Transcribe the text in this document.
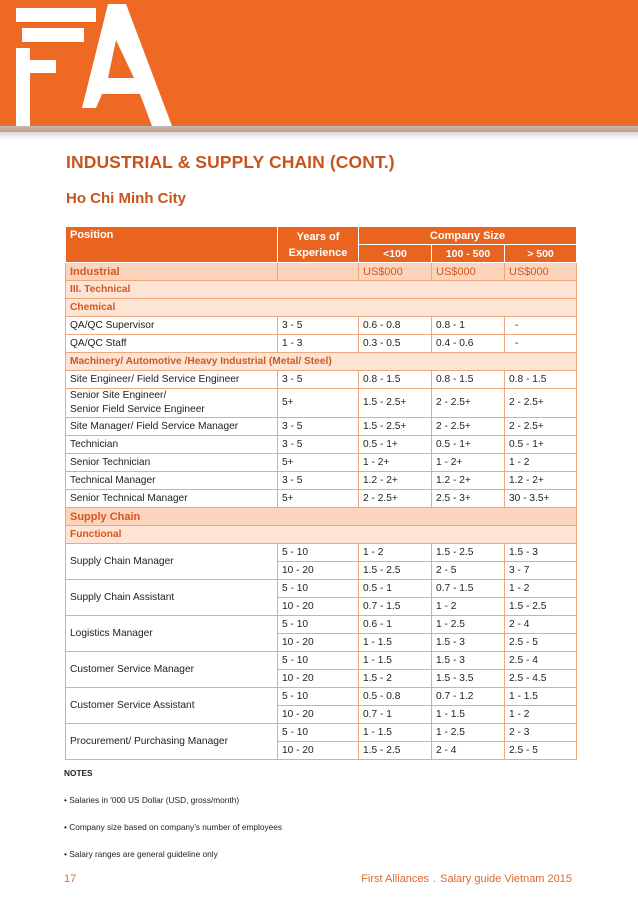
INDUSTRIAL & SUPPLY CHAIN (CONT.)
Ho Chi Minh City
Position	Years of Experience	Company Size		
		<100	100 - 500	> 500
Industrial		US$000	US$000	US$000
III. Technical				
Chemical				
QA/QC Supervisor	3 - 5	0.6 - 0.8	0.8 - 1	-
QA/QC Staff	1 - 3	0.3 - 0.5	0.4 - 0.6	-
Machinery/ Automotive /Heavy Industrial (Metal/ Steel)				
Site Engineer/ Field Service Engineer	3 - 5	0.8 - 1.5	0.8 - 1.5	0.8 - 1.5

Senior Site Engineer/
Senior Field Service Engineer	5+	1.5 - 2.5+	2 - 2.5+	2 - 2.5+
Site Manager/ Field Service Manager	3 - 5	1.5 - 2.5+	2 - 2.5+	2 - 2.5+
Technician	3 - 5	0.5 - 1+	0.5 - 1+	0.5 - 1+
Senior Technician	5+	1 - 2+	1 - 2+	1 - 2
Technical Manager	3 - 5	1.2 - 2+	1.2 - 2+	1.2 - 2+
Senior Technical Manager	5+	2 - 2.5+	2.5 - 3+	30 - 3.5+
Supply Chain				
Functional				
Supply Chain Manager	5 - 10	1 - 2	1.5 - 2.5	1.5 - 3
	10 - 20	1.5 - 2.5	2 - 5	3 - 7
Supply Chain Assistant	5 - 10	0.5 - 1	0.7 - 1.5	1 - 2
	10 - 20	0.7 - 1.5	1 - 2	1.5 - 2.5
Logistics Manager	5 - 10	0.6 - 1	1 - 2.5	2 - 4
	10 - 20	1 - 1.5	1.5 - 3	2.5 - 5
Customer Service Manager	5 - 10	1 - 1.5	1.5 - 3	2.5 - 4
	10 - 20	1.5 - 2	1.5 - 3.5	2.5 - 4.5
Customer Service Assistant	5 - 10	0.5 - 0.8	0.7 - 1.2	1 - 1.5
	10 - 20	0.7 - 1	1 - 1.5	1 - 2
Procurement/ Purchasing Manager	5 - 10	1 - 1.5	1 - 2.5	2 - 3
	10 - 20	1.5 - 2.5	2 - 4	2.5 - 5
NOTES
• Salaries in '000 US Dollar (USD, gross/month)
• Company size based on company's number of employees
• Salary ranges are general guideline only
17	First Alliances . Salary guide Vietnam 2015
